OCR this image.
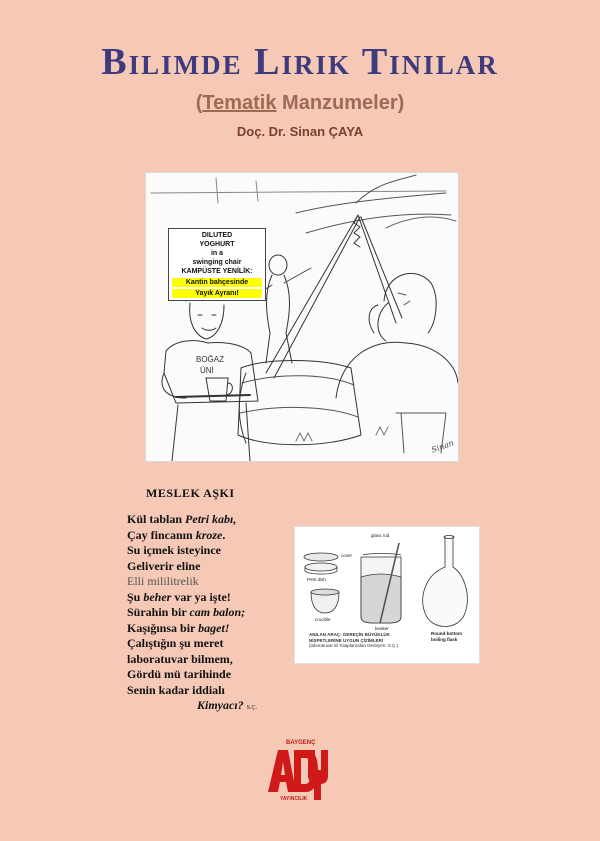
Bilimde Lirik Tınılar
(Tematik Manzumeler)
Doç. Dr. Sinan ÇAYA
DILUTED
YOGHURT
in a
swinging chair
KAMPÜSTE YENİLİK:
Kantin bahçesinde
Yayık Ayranı!
BOĞAZ
ÜNİ
Sinan
MESLEK AŞKI
Kül tablan Petri kabı,
Çay fincanın kroze.
Su içmek isteyince
Geliverir eline
Elli mililitrelik
Şu beher var ya işte!
Sürahin bir cam balon;
Kaşığınsa bir baget!
Çalıştığın şu meret
laboratuvar bilmem,
Gördü mü tarihinde
Senin kadar iddialı
Kimyacı? S.Ç.
glass rod
cover
Petri dish
crucible
beaker
Round-bottom
boiling flask
ANILAN ARAÇ- GEREÇİN BÜYÜKLÜK
NİSPETLERİNE UYGUN ÇİZİMLERİ
(laboratuvar El Kitaplarından Derleyen: S.Ç.)
BAYGENÇ
YAYINCILIK
